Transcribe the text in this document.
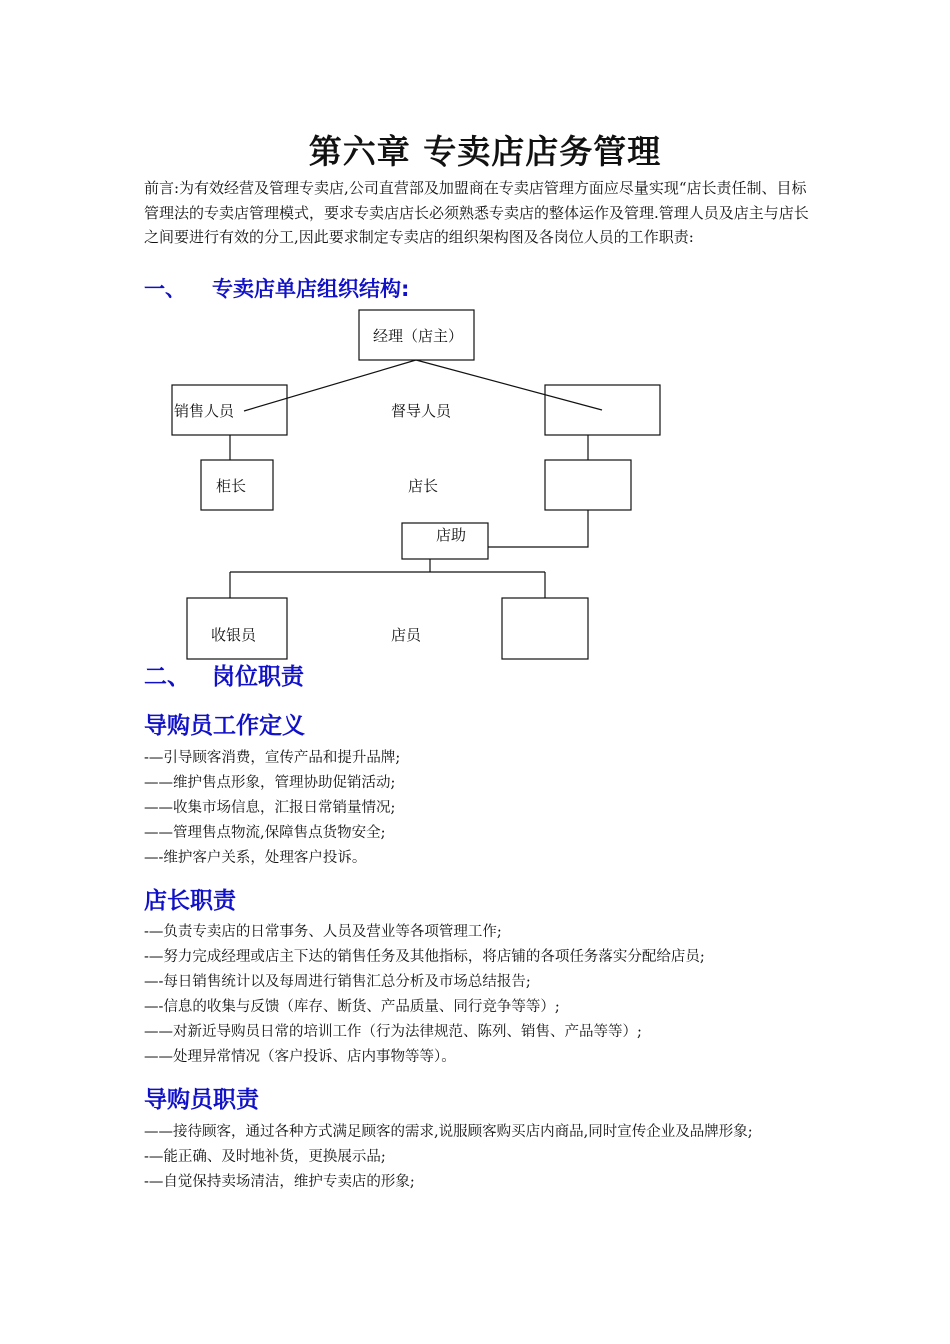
第六章 专卖店店务管理

前言:为有效经营及管理专卖店,公司直营部及加盟商在专卖店管理方面应尽量实现“店长责任制、目标管理法的专卖店管理模式，要求专卖店店长必须熟悉专卖店的整体运作及管理.管理人员及店主与店长之间要进行有效的分工,因此要求制定专卖店的组织架构图及各岗位人员的工作职责:

一、 专卖店单店组织结构:
经理（店主）
销售人员	督导人员
柜长	店长
店助
收银员	店员
二、 岗位职责
导购员工作定义
-—引导顾客消费，宣传产品和提升品牌;
——维护售点形象，管理协助促销活动;
——收集市场信息，汇报日常销量情况;
——管理售点物流,保障售点货物安全;
—-维护客户关系，处理客户投诉。
店长职责
-—负责专卖店的日常事务、人员及营业等各项管理工作;
-—努力完成经理或店主下达的销售任务及其他指标，将店铺的各项任务落实分配给店员;
—-每日销售统计以及每周进行销售汇总分析及市场总结报告;
—-信息的收集与反馈（库存、断货、产品质量、同行竞争等等）;
——对新近导购员日常的培训工作（行为法律规范、陈列、销售、产品等等）;
——处理异常情况（客户投诉、店内事物等等）。
导购员职责
——接待顾客，通过各种方式满足顾客的需求,说服顾客购买店内商品,同时宣传企业及品牌形象;
-—能正确、及时地补货，更换展示品;
-—自觉保持卖场清洁，维护专卖店的形象;
